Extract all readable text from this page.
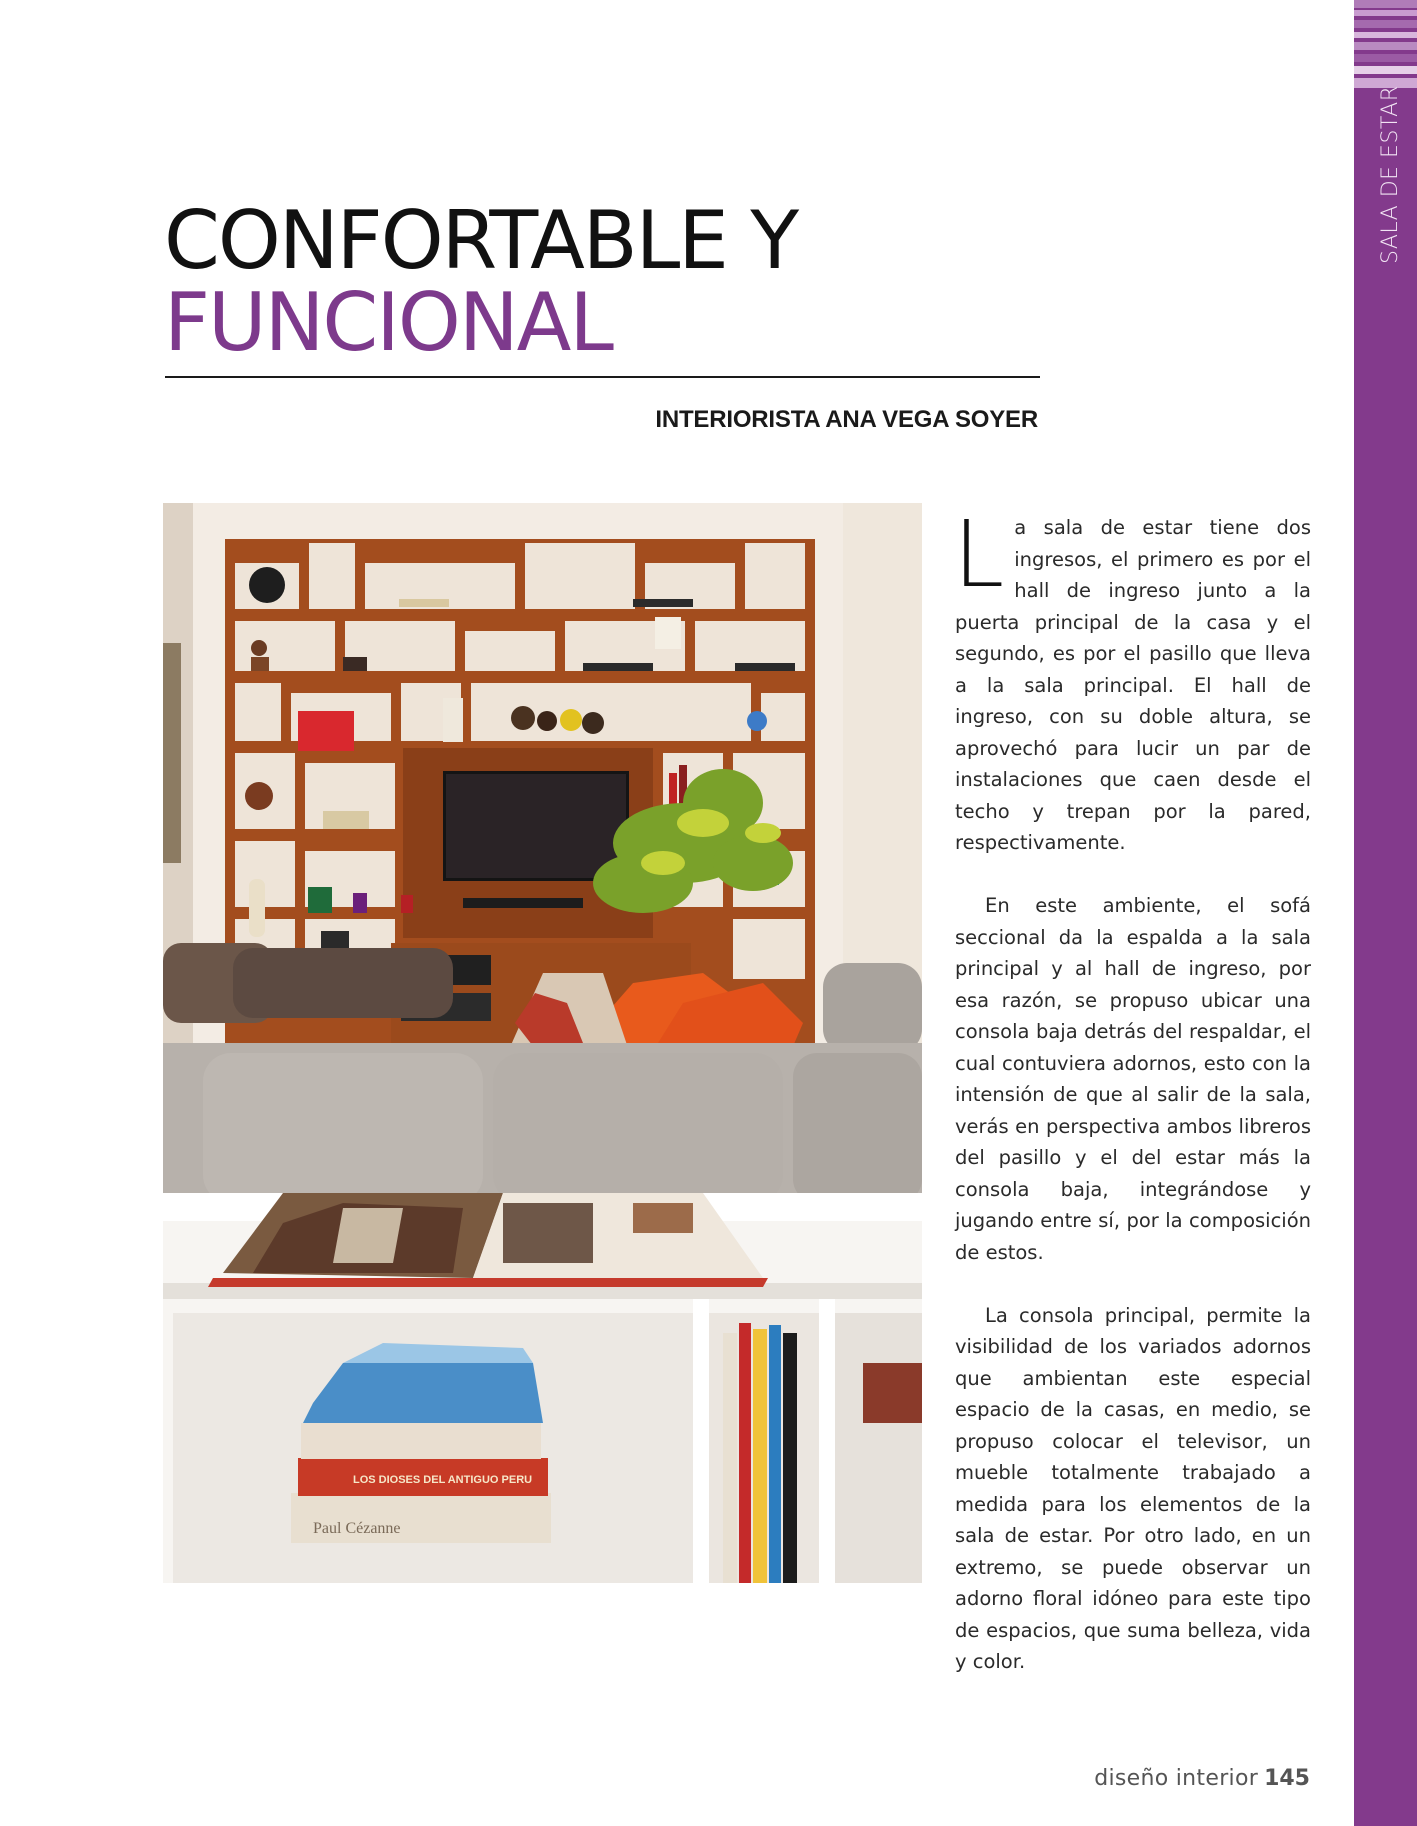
SALA DE ESTAR
CONFORTABLE Y
FUNCIONAL
INTERIORISTA ANA VEGA SOYER
LOS DIOSES DEL ANTIGUO PERU
Paul Cézanne

La sala de estar tiene dos ingresos, el primero es por el hall de ingreso junto a la puerta principal de la casa y el segundo, es por el pasillo que lleva a la sala principal. El hall de ingreso, con su doble altura, se aprovechó para lucir un par de instalaciones que caen desde el techo y trepan por la pared, respectivamente.

En este ambiente, el sofá seccional da la espalda a la sala principal y al hall de ingreso, por esa razón, se propuso ubicar una consola baja detrás del respaldar, el cual contuviera adornos, esto con la intensión de que al salir de la sala, verás en perspectiva ambos libreros del pasillo y el del estar más la consola baja, integrándose y jugando entre sí, por la composición de estos.

La consola principal, permite la visibilidad de los variados adornos que ambientan este especial espacio de la casas, en medio, se propuso colocar el televisor, un mueble totalmente trabajado a medida para los elementos de la sala de estar. Por otro lado, en un extremo, se puede observar un adorno floral idóneo para este tipo de espacios, que suma belleza, vida y color.

diseño interior 145
